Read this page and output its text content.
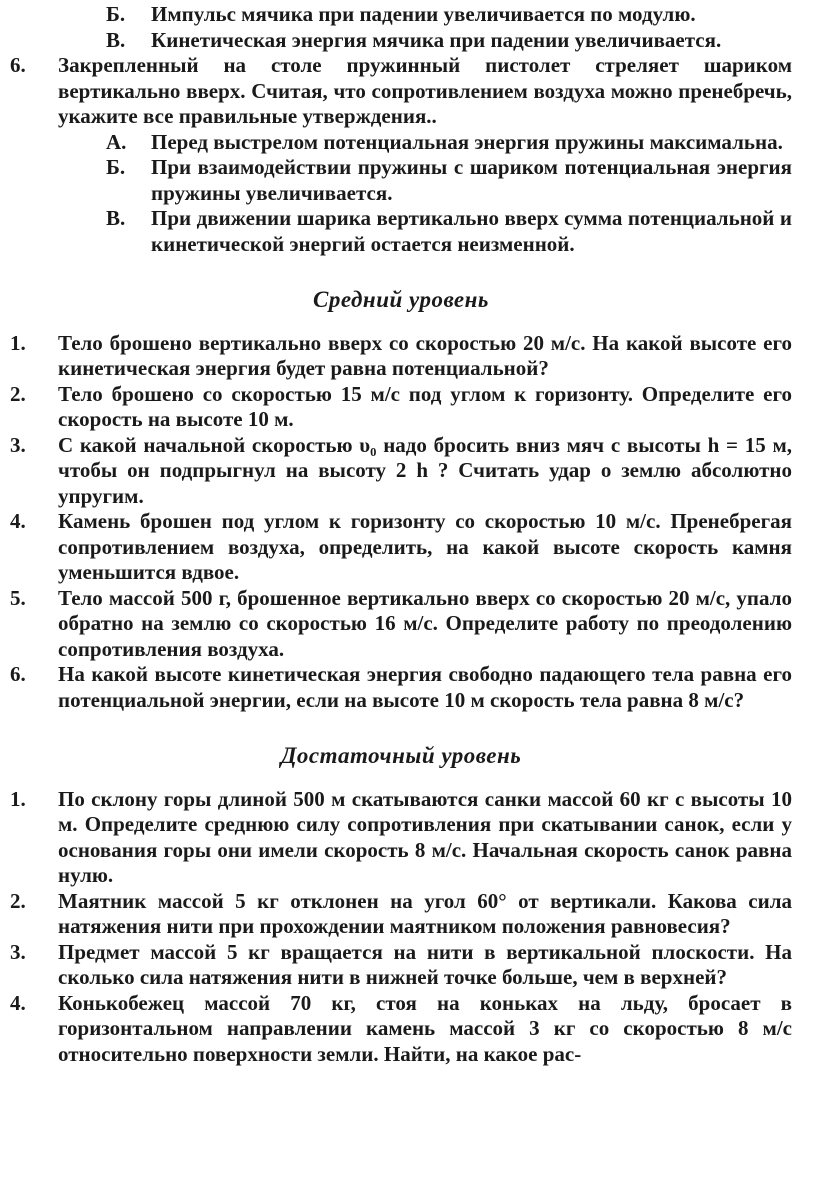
Б.	Импульс мячика при падении увеличивается по модулю.
В.	Кинетическая энергия мячика при падении увеличивается.
6.	Закрепленный на столе пружинный пистолет стреляет шариком вертикально вверх. Считая, что сопротивлением воздуха можно пренебречь, укажите все правильные утверждения..
А.	Перед выстрелом потенциальная энергия пружины максимальна.
Б.	При взаимодействии пружины с шариком потенциальная энергия пружины увеличивается.
В.	При движении шарика вертикально вверх сумма потенциальной и кинетической энергий остается неизменной.
Средний уровень
1.	Тело брошено вертикально вверх со скоростью 20 м/с. На какой высоте его кинетическая энергия будет равна потенциальной?
2.	Тело брошено со скоростью 15 м/с под углом к горизонту. Определите его скорость на высоте 10 м.
3.	С какой начальной скоростью υ₀ надо бросить вниз мяч с высоты h = 15 м, чтобы он подпрыгнул на высоту 2 h ? Считать удар о землю абсолютно упругим.
4.	Камень брошен под углом к горизонту со скоростью 10 м/с. Пренебрегая сопротивлением воздуха, определить, на какой высоте скорость камня уменьшится вдвое.
5.	Тело массой 500 г, брошенное вертикально вверх со скоростью 20 м/с, упало обратно на землю со скоростью 16 м/с. Определите работу по преодолению сопротивления воздуха.
6.	На какой высоте кинетическая энергия свободно падающего тела равна его потенциальной энергии, если на высоте 10 м скорость тела равна 8 м/с?
Достаточный уровень
1.	По склону горы длиной 500 м скатываются санки массой 60 кг с высоты 10 м. Определите среднюю силу сопротивления при скатывании санок, если у основания горы они имели скорость 8 м/с. Начальная скорость санок равна нулю.
2.	Маятник массой 5 кг отклонен на угол 60° от вертикали. Какова сила натяжения нити при прохождении маятником положения равновесия?
3.	Предмет массой 5 кг вращается на нити в вертикальной плоскости. На сколько сила натяжения нити в нижней точке больше, чем в верхней?
4.	Конькобежец массой 70 кг, стоя на коньках на льду, бросает в горизонтальном направлении камень массой 3 кг со скоростью 8 м/с относительно поверхности земли. Найти, на какое рас-
